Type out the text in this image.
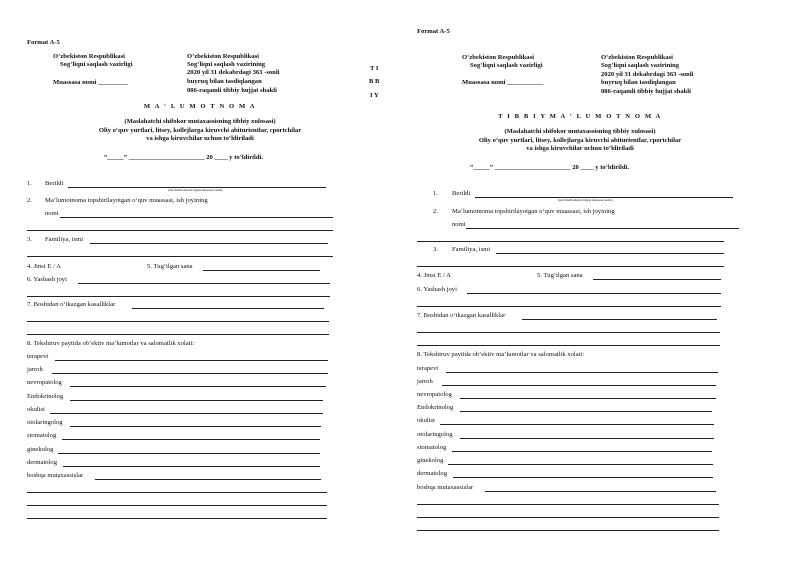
Format A-5
O‘zbekiston Respublikasi
Sog‘liqni saqlash vazirligi
O‘zbekiston Respublikasi
Sog‘liqni saqlash vazirining
2020 yil 31 dekabrdagi 363 -sonli
buyruq bilan tasdiqlangan
086-raqamli tibbiy hujjat shakli
Muassasa nomi _________
M A ‘ L U M O T N O M A
(Maslahatchi shifokor mutaxassisning tibbiy xulosasi)
Oliy o‘quv yurtlari, litsey, kollejlarga kiruvchi abiturientlar, cportchilar
va ishga kiruvchilar uchun to‘ldiriladi
“_____” _______________________ 20 ____ y to‘ldirildi.
1. Berildi
(ism Sharifomotasi birgan muassasa nomi)
2. Ma’lumotnoma topshirilayotgan o‘quv muassasi, ish joyining
nomi
3. Familiya, ismi
4. Jinsi E / A	5. Tug‘ilgan sana
6. Yashash joyi
7. Boshidan o‘tkazgan kasalliklar
8. Tekshiruv paytida ob’ektiv ma’lumotlar va salomatlik xolati:
terapevt
jarroh
nevropatolog
Endokrinolog
okulist
otolaringolog
stomatolog
ginekolog
dermatolog
boshqa mutaxassislar
T I
B B
I Y
Format A-5
O‘zbekiston Respublikasi
Sog‘liqni saqlash vazirligi
O‘zbekiston Respublikasi
Sog‘liqni saqlash vazirining
2020 yil 31 dekabrdagi 363 -sonli
buyruq bilan tasdiqlangan
086-raqamli tibbiy hujjat shakli
Muassasa nomi ___________
T I B B I Y M A ‘ L U M O T N O M A
(Maslahatchi shifokor mutaxassisning tibbiy xulosasi)
Oliy o‘quv yurtlari, litsey, kollejlarga kiruvchi abiturientlar, cportchilar
va ishga kiruvchilar uchun to‘ldiriladi
“_____” _______________________ 20 ____ y to‘ldirildi.
1. Berildi
(ism Sharifomotasi birgan muassasa nomi )
2. Ma’lumotnoma topshirilayotgan o‘quv muassasi, ish joyining
nomi
3. Familiya, ismi
4. Jinsi E / A	5. Tug‘ilgan sana
6. Yashash joyi
7. Boshidan o‘tkazgan kasalliklar
8. Tekshiruv paytida ob’ektiv ma’lumotlar va salomatlik xolati:
terapevt
jarroh
nevropatolog
Endokrinolog
okulist
otolaringolog
stomatolog
ginekolog
dermatolog
boshqa mutaxassislar
